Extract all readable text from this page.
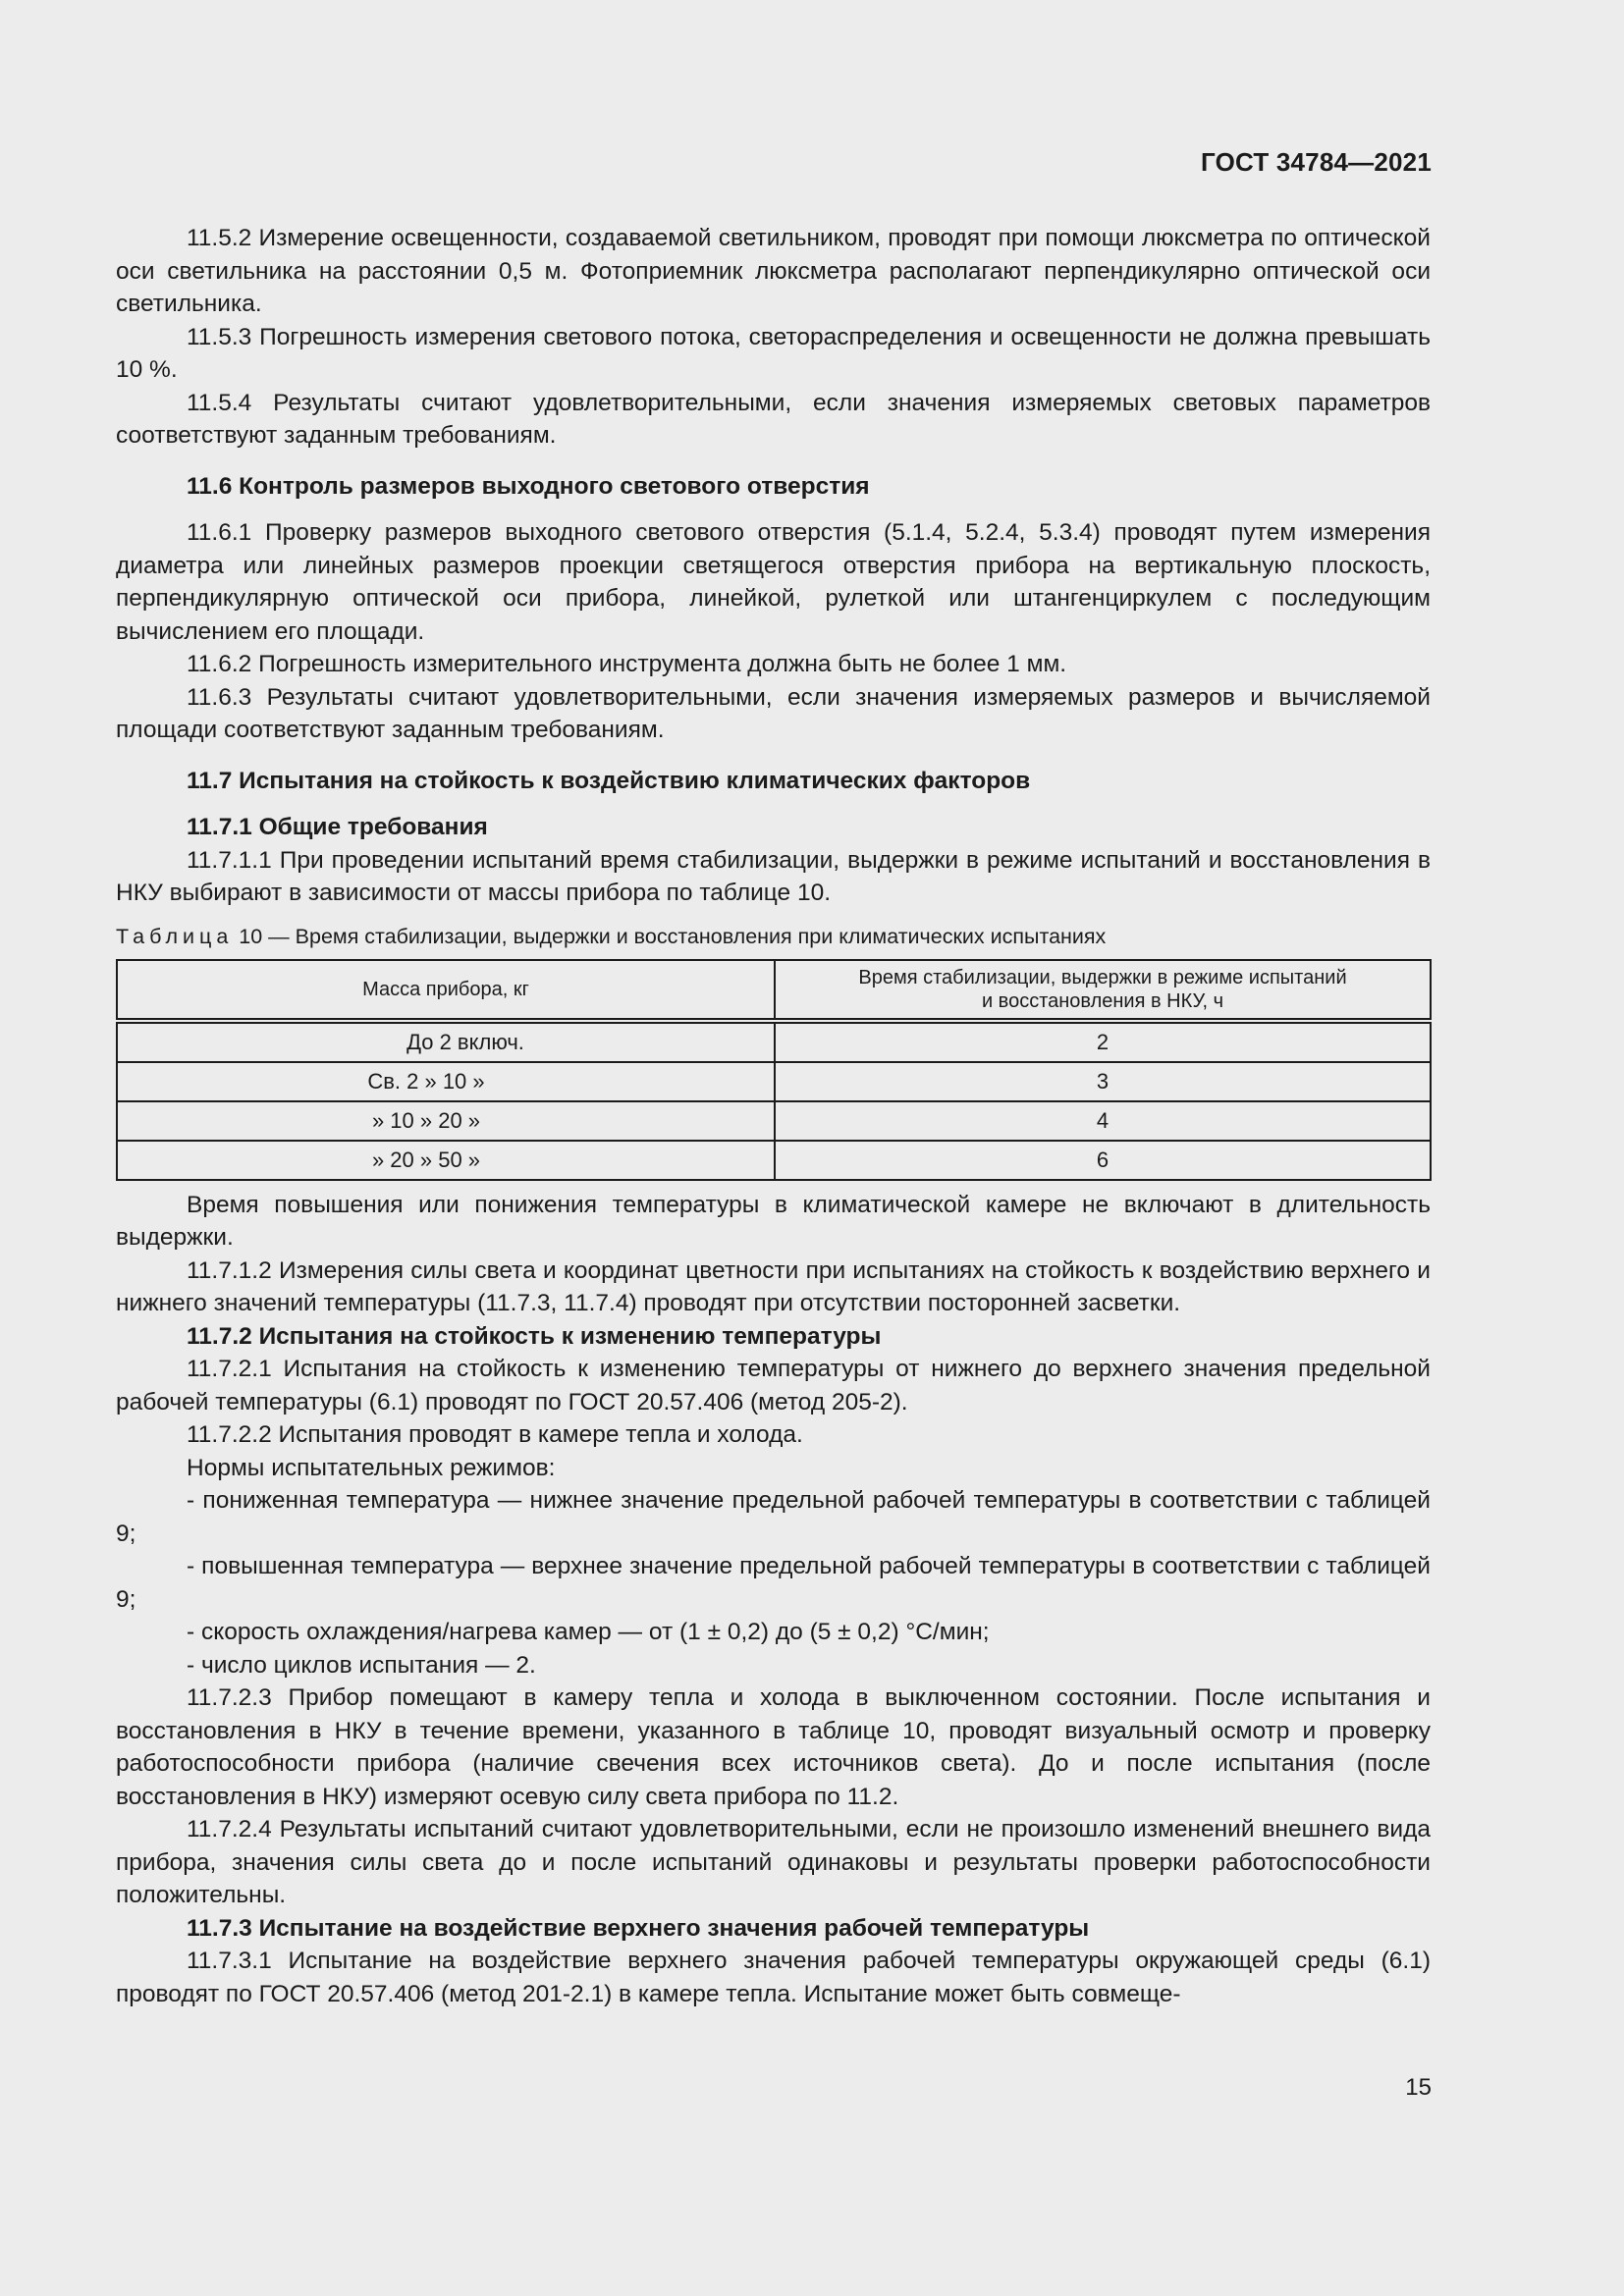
ГОСТ 34784—2021

11.5.2 Измерение освещенности, создаваемой светильником, проводят при помощи люксметра по оптической оси светильника на расстоянии 0,5 м. Фотоприемник люксметра располагают перпендикулярно оптической оси светильника.

11.5.3 Погрешность измерения светового потока, светораспределения и освещенности не должна превышать 10 %.

11.5.4 Результаты считают удовлетворительными, если значения измеряемых световых параметров соответствуют заданным требованиям.

11.6 Контроль размеров выходного светового отверстия

11.6.1 Проверку размеров выходного светового отверстия (5.1.4, 5.2.4, 5.3.4) проводят путем измерения диаметра или линейных размеров проекции светящегося отверстия прибора на вертикальную плоскость, перпендикулярную оптической оси прибора, линейкой, рулеткой или штангенциркулем с последующим вычислением его площади.

11.6.2 Погрешность измерительного инструмента должна быть не более 1 мм.

11.6.3 Результаты считают удовлетворительными, если значения измеряемых размеров и вычисляемой площади соответствуют заданным требованиям.

11.7 Испытания на стойкость к воздействию климатических факторов

11.7.1 Общие требования

11.7.1.1 При проведении испытаний время стабилизации, выдержки в режиме испытаний и восстановления в НКУ выбирают в зависимости от массы прибора по таблице 10.

Таблица 10 — Время стабилизации, выдержки и восстановления при климатических испытаниях
Масса прибора, кг	Время стабилизации, выдержки в режиме испытаний
и восстановления в НКУ, ч
До 2 включ.	2
Св. 2 » 10 »	3
» 10 » 20 »	4
» 20 » 50 »	6

Время повышения или понижения температуры в климатической камере не включают в длительность выдержки.

11.7.1.2 Измерения силы света и координат цветности при испытаниях на стойкость к воздействию верхнего и нижнего значений температуры (11.7.3, 11.7.4) проводят при отсутствии посторонней засветки.

11.7.2 Испытания на стойкость к изменению температуры

11.7.2.1 Испытания на стойкость к изменению температуры от нижнего до верхнего значения предельной рабочей температуры (6.1) проводят по ГОСТ 20.57.406 (метод 205-2).

11.7.2.2 Испытания проводят в камере тепла и холода.

Нормы испытательных режимов:

- пониженная температура — нижнее значение предельной рабочей температуры в соответствии с таблицей 9;

- повышенная температура — верхнее значение предельной рабочей температуры в соответствии с таблицей 9;

- скорость охлаждения/нагрева камер — от (1 ± 0,2) до (5 ± 0,2) °С/мин;

- число циклов испытания — 2.

11.7.2.3 Прибор помещают в камеру тепла и холода в выключенном состоянии. После испытания и восстановления в НКУ в течение времени, указанного в таблице 10, проводят визуальный осмотр и проверку работоспособности прибора (наличие свечения всех источников света). До и после испытания (после восстановления в НКУ) измеряют осевую силу света прибора по 11.2.

11.7.2.4 Результаты испытаний считают удовлетворительными, если не произошло изменений внешнего вида прибора, значения силы света до и после испытаний одинаковы и результаты проверки работоспособности положительны.

11.7.3 Испытание на воздействие верхнего значения рабочей температуры

11.7.3.1 Испытание на воздействие верхнего значения рабочей температуры окружающей среды (6.1) проводят по ГОСТ 20.57.406 (метод 201-2.1) в камере тепла. Испытание может быть совмеще-

15
